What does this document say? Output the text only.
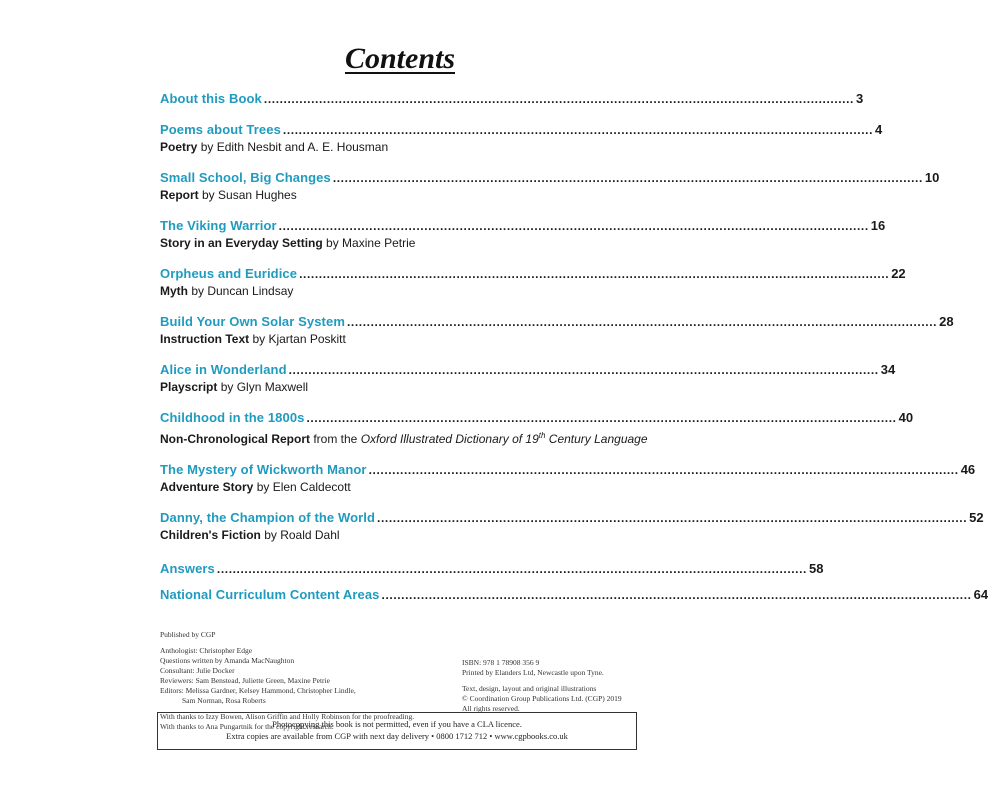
Contents
About this Book ...................................................................................................................................................... 3
Poems about Trees ...................................................................................................................................................... 4
Poetry by Edith Nesbit and A. E. Housman
Small School, Big Changes ...................................................................................................................................................... 10
Report by Susan Hughes
The Viking Warrior ...................................................................................................................................................... 16
Story in an Everyday Setting by Maxine Petrie
Orpheus and Euridice ...................................................................................................................................................... 22
Myth by Duncan Lindsay
Build Your Own Solar System ...................................................................................................................................................... 28
Instruction Text by Kjartan Poskitt
Alice in Wonderland ...................................................................................................................................................... 34
Playscript by Glyn Maxwell
Childhood in the 1800s ...................................................................................................................................................... 40
Non-Chronological Report from the Oxford Illustrated Dictionary of 19th Century Language
The Mystery of Wickworth Manor ...................................................................................................................................................... 46
Adventure Story by Elen Caldecott
Danny, the Champion of the World ...................................................................................................................................................... 52
Children's Fiction by Roald Dahl
Answers ...................................................................................................................................................... 58
National Curriculum Content Areas ...................................................................................................................................................... 64
Published by CGP
Anthologist: Christopher Edge
Questions written by Amanda MacNaughton
Consultant: Julie Docker
Reviewers: Sam Benstead, Juliette Green, Maxine Petrie
Editors: Melissa Gardner, Kelsey Hammond, Christopher Lindle,
Sam Norman, Rosa Roberts
With thanks to Izzy Bowen, Alison Griffin and Holly Robinson for the proofreading.
With thanks to Ana Pungartnik for the copyright research.
ISBN: 978 1 78908 356 9
Printed by Elanders Ltd, Newcastle upon Tyne.
Text, design, layout and original illustrations
© Coordination Group Publications Ltd. (CGP) 2019
All rights reserved.
Photocopying this book is not permitted, even if you have a CLA licence.
Extra copies are available from CGP with next day delivery • 0800 1712 712 • www.cgpbooks.co.uk
